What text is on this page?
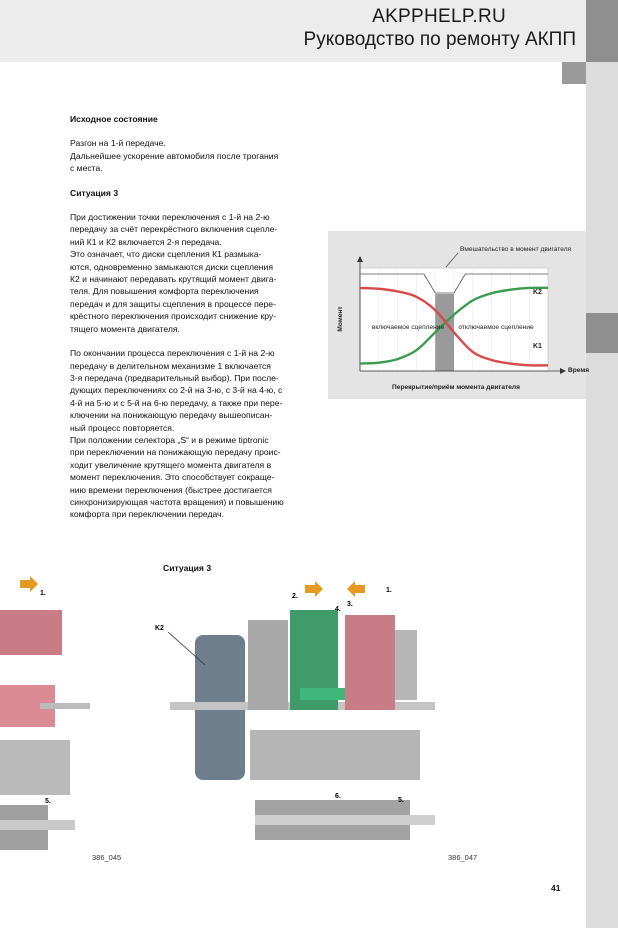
AKPPHELP.RU
Руководство по ремонту АКПП
Исходное состояние
Разгон на 1-й передаче.
Дальнейшее ускорение автомобиля после трогания
с места.
Ситуация 3
При достижении точки переключения с 1-й на 2-ю
передачу за счёт перекрёстного включения сцепле-
ний К1 и К2 включается 2-я передача.
Это означает, что диски сцепления К1 размыка-
ются, одновременно замыкаются диски сцепления
К2 и начинают передавать крутящий момент двига-
теля. Для повышения комфорта переключения
передач и для защиты сцепления в процессе пере-
крёстного переключения происходит снижение кру-
тящего момента двигателя.
По окончании процесса переключения с 1-й на 2-ю
передачу в делительном механизме 1 включается
3-я передача (предварительный выбор). При после-
дующих переключениях со 2-й на 3-ю, с 3-й на 4-ю, с
4-й на 5-ю и с 5-й на 6-ю передачу, а также при пере-
ключении на понижающую передачу вышеописан-
ный процесс повторяется.
При положении селектора „S“ и в режиме tiptronic
при переключении на понижающую передачу проис-
ходит увеличение крутящего момента двигателя в
момент переключения. Это способствует сокраще-
нию времени переключения (быстрее достигается
синхронизирующая частота вращения) и повышению
комфорта при переключении передач.
Вмешательство в момент двигателя
K2
K1
включаемое сцепление отключаемое сцепление
Момент
Время
Перекрытие/приём момента двигателя
Ситуация 3
1.
5.
K2
2.
3.
4.
1.
6.
5.
386_045	386_047
41
